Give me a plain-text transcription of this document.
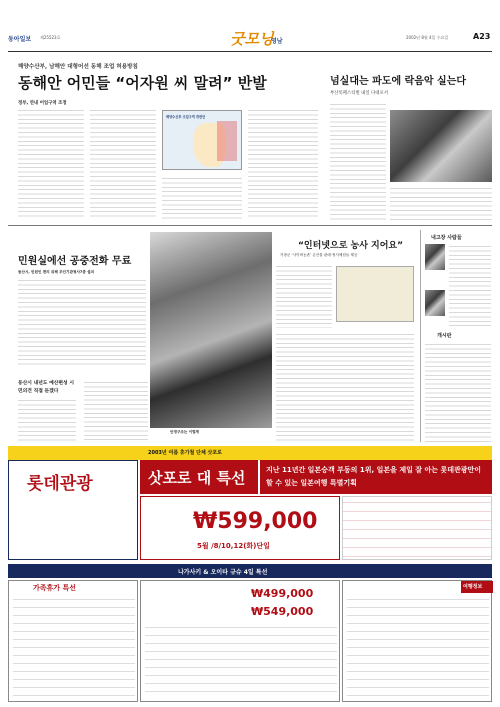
동아일보 제25523호	굿모닝
영남
2002년 8월 4일 수요일	A23
해양수산부, 남해안 대형어선 동해 조업 허용방침
동해안 어민들 “어자원 씨 말려” 반발
정부, 연내 어업구역 조정
해양수산부 조업구역 개편안
넘실대는 파도에 락음악 실는다
부산록페스티벌 내일 다대포서
민원실에선 공중전화 무료
동산시, 민원인 편의 위해 무인기관청사7층 설치
동산시 내년도 예산편성 시민의견 직접 듣겠다
안경구조는 이렇게
“인터넷으로 농사 지어요”
거창군 ‘사이버농촌’ 온산물 판매·정사체험들 제공
내고장 사람들
개시판
2003년 여름 휴가철 단체 삿포로
롯데관광	삿포로 대 특선	지난 11년간 일본승객 부동의 1위, 일본을 제일 잘 아는 롯데관광만이 할 수 있는 일본여행 특별기획
₩599,000
5월 /8/10,12(화)단일
나가사키 & 오이타 규슈 4일 특선
가족휴가 특선	₩499,000
₩549,000
여행정보
